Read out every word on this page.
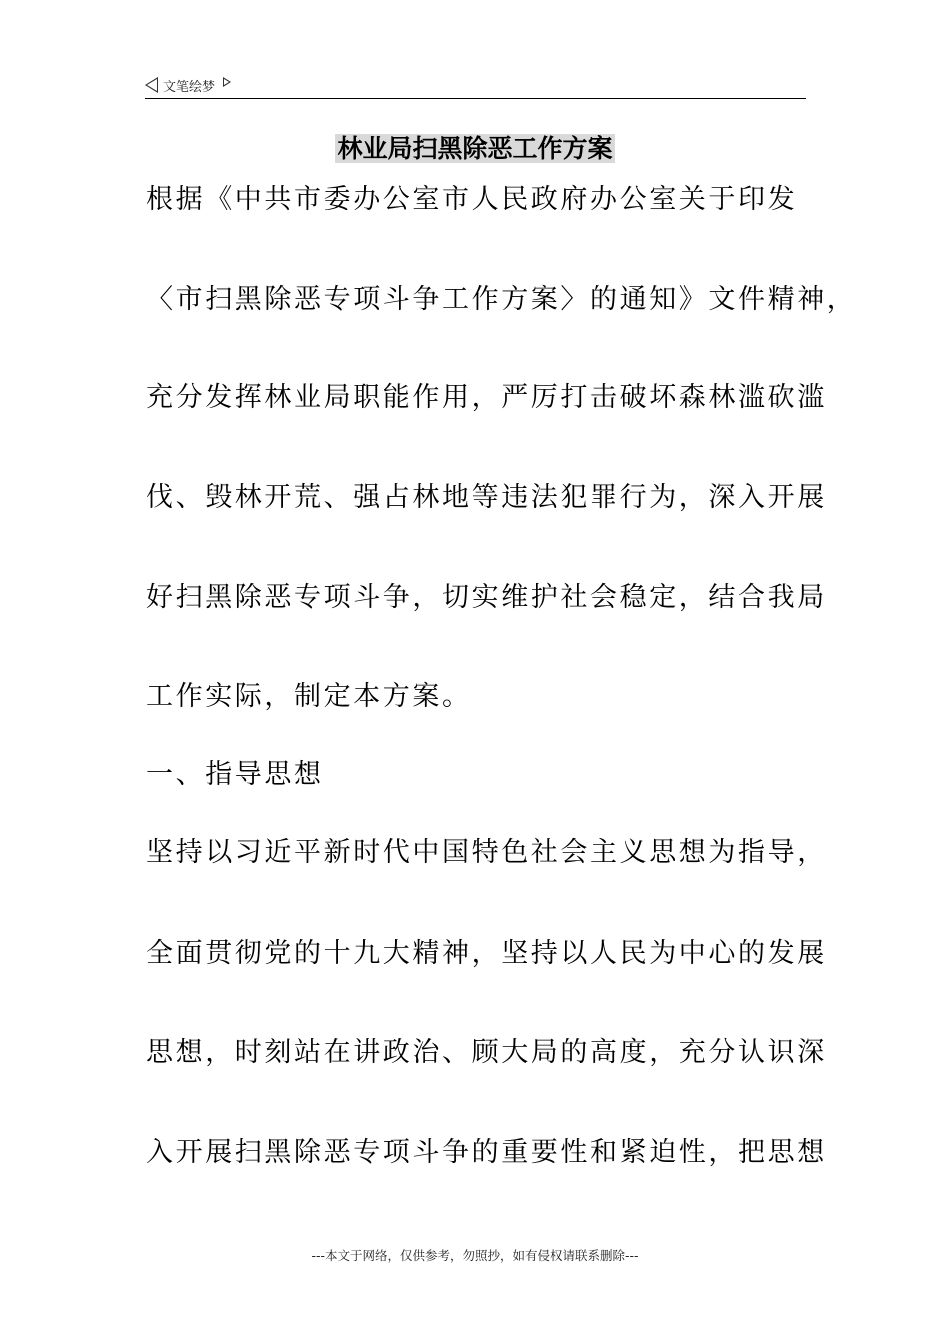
文笔绘梦
林业局扫黑除恶工作方案
根据《中共市委办公室市人民政府办公室关于印发
〈市扫黑除恶专项斗争工作方案〉的通知》文件精神，
充分发挥林业局职能作用，严厉打击破坏森林滥砍滥
伐、毁林开荒、强占林地等违法犯罪行为，深入开展
好扫黑除恶专项斗争，切实维护社会稳定，结合我局
工作实际，制定本方案。
一、指导思想
坚持以习近平新时代中国特色社会主义思想为指导，
全面贯彻党的十九大精神，坚持以人民为中心的发展
思想，时刻站在讲政治、顾大局的高度，充分认识深
入开展扫黑除恶专项斗争的重要性和紧迫性，把思想
---本文于网络，仅供参考，勿照抄，如有侵权请联系删除---
